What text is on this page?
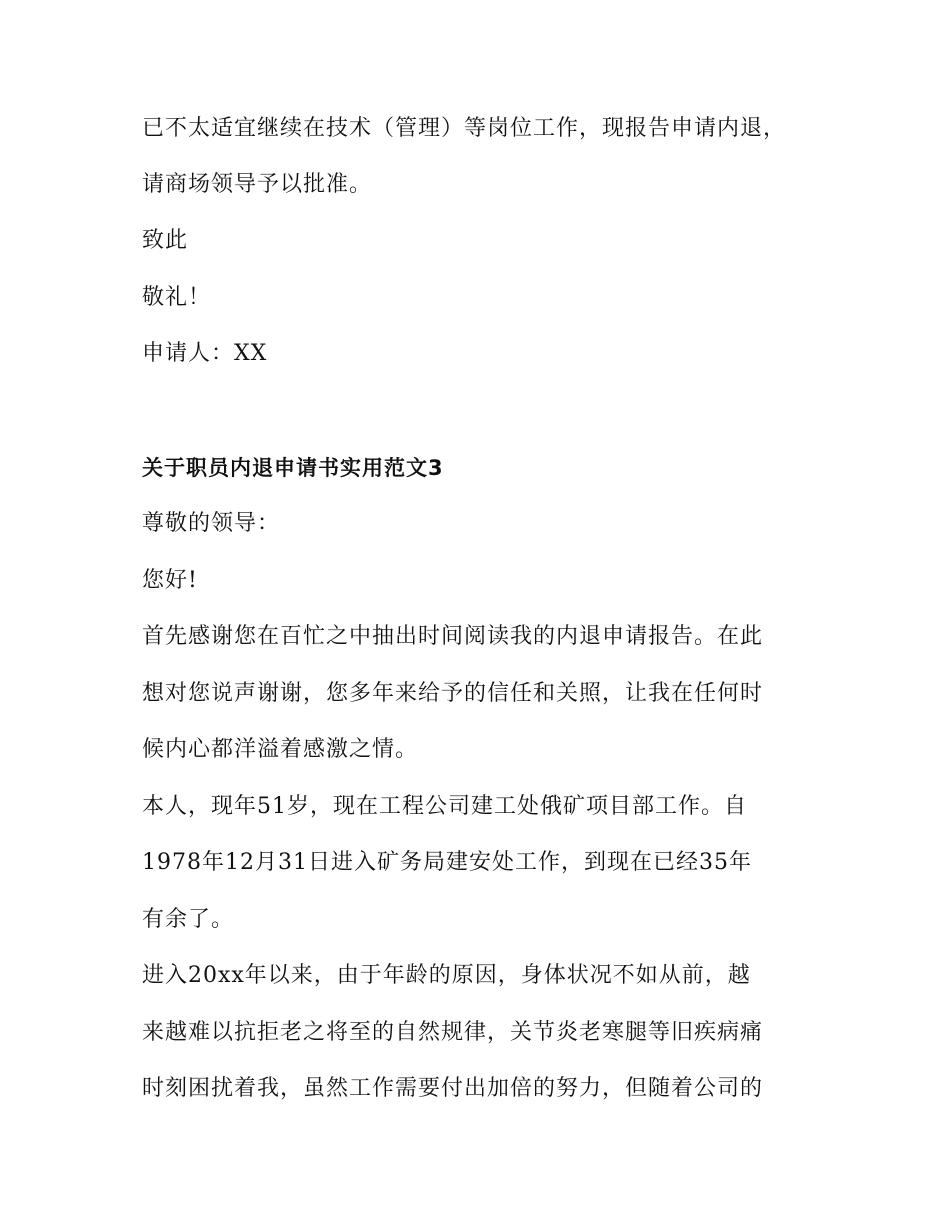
已不太适宜继续在技术（管理）等岗位工作，现报告申请内退，
请商场领导予以批准。
致此
敬礼！
申请人：XX
关于职员内退申请书实用范文3
尊敬的领导：
您好!
首先感谢您在百忙之中抽出时间阅读我的内退申请报告。在此
想对您说声谢谢，您多年来给予的信任和关照，让我在任何时
候内心都洋溢着感激之情。
本人，现年51岁，现在工程公司建工处俄矿项目部工作。自
1978年12月31日进入矿务局建安处工作，到现在已经35年
有余了。
进入20xx年以来，由于年龄的原因，身体状况不如从前，越
来越难以抗拒老之将至的自然规律，关节炎老寒腿等旧疾病痛
时刻困扰着我，虽然工作需要付出加倍的努力，但随着公司的
